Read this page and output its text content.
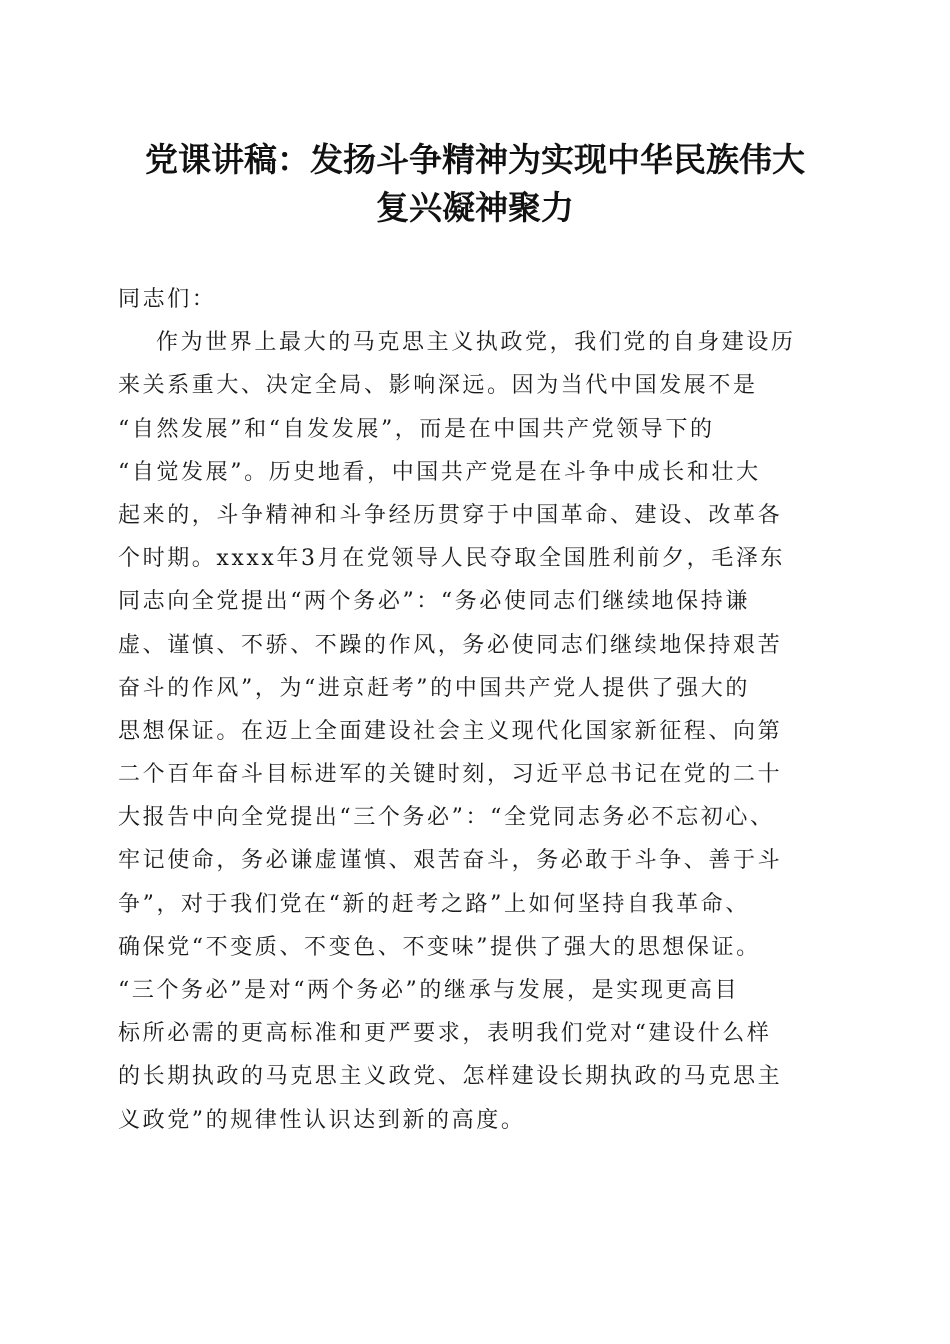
党课讲稿：发扬斗争精神为实现中华民族伟大
复兴凝神聚力
同志们：
作为世界上最大的马克思主义执政党，我们党的自身建设历
来关系重大、决定全局、影响深远。因为当代中国发展不是
“自然发展”和“自发发展”，而是在中国共产党领导下的
“自觉发展”。历史地看，中国共产党是在斗争中成长和壮大
起来的，斗争精神和斗争经历贯穿于中国革命、建设、改革各
个时期。xxxx年3月在党领导人民夺取全国胜利前夕，毛泽东
同志向全党提出“两个务必”：“务必使同志们继续地保持谦
虚、谨慎、不骄、不躁的作风，务必使同志们继续地保持艰苦
奋斗的作风”，为“进京赶考”的中国共产党人提供了强大的
思想保证。在迈上全面建设社会主义现代化国家新征程、向第
二个百年奋斗目标进军的关键时刻，习近平总书记在党的二十
大报告中向全党提出“三个务必”：“全党同志务必不忘初心、
牢记使命，务必谦虚谨慎、艰苦奋斗，务必敢于斗争、善于斗
争”，对于我们党在“新的赶考之路”上如何坚持自我革命、
确保党“不变质、不变色、不变味”提供了强大的思想保证。
“三个务必”是对“两个务必”的继承与发展，是实现更高目
标所必需的更高标准和更严要求，表明我们党对“建设什么样
的长期执政的马克思主义政党、怎样建设长期执政的马克思主
义政党”的规律性认识达到新的高度。
